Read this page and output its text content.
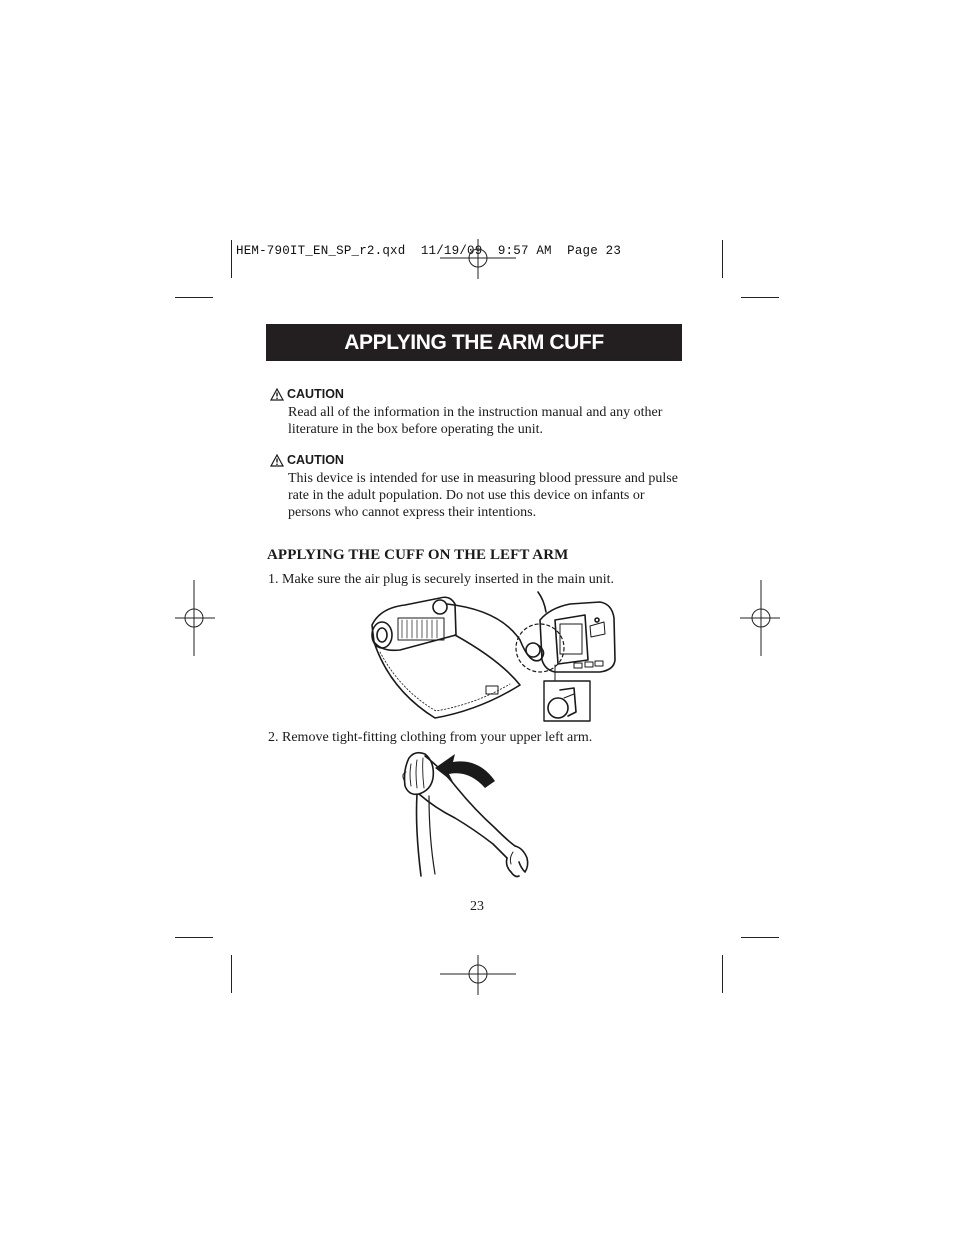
HEM-790IT_EN_SP_r2.qxd  11/19/09  9:57 AM  Page 23
APPLYING THE ARM CUFF
CAUTION
Read all of the information in the instruction manual and any other literature in the box before operating the unit.
CAUTION
This device is intended for use in measuring blood pressure and pulse rate in the adult population. Do not use this device on infants or persons who cannot express their intentions.
APPLYING THE CUFF ON THE LEFT ARM
1. Make sure the air plug is securely inserted in the main unit.
2. Remove tight-fitting clothing from your upper left arm.
23
